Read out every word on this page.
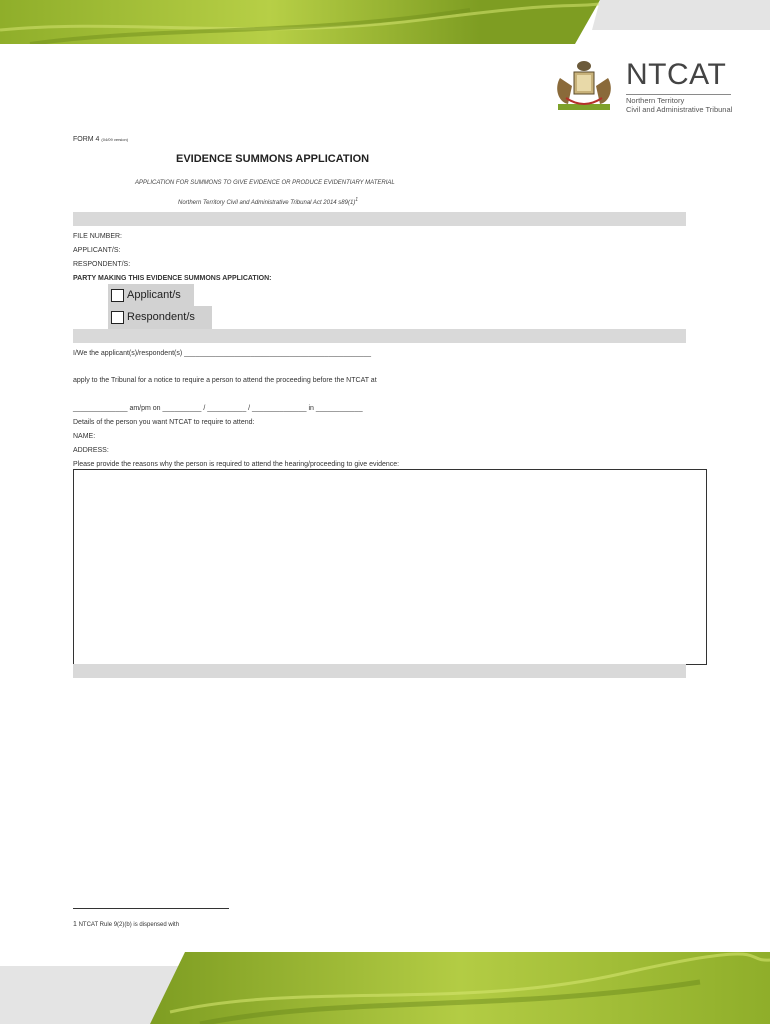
NTCAT
Northern Territory
Civil and Administrative Tribunal
FORM 4 (04/09 version)
EVIDENCE SUMMONS APPLICATION
APPLICATION FOR SUMMONS TO GIVE EVIDENCE OR PRODUCE EVIDENTIARY MATERIAL
Northern Territory Civil and Administrative Tribunal Act 2014 $s89(1)^1$
FILE NUMBER:
APPLICANT/S:
RESPONDENT/S:
PARTY MAKING THIS EVIDENCE SUMMONS APPLICATION:
Applicant/s
Respondent/s
I/We the applicant(s)/respondent(s) ________________________________________________
apply to the Tribunal for a notice to require a person to attend the proceeding before the NTCAT at
______________ am/pm on __________ / __________ / ______________ in ____________
Details of the person you want NTCAT to require to attend:
NAME:
ADDRESS:
Please provide the reasons why the person is required to attend the hearing/proceeding to give evidence:
1 NTCAT Rule 9(2)(b) is dispensed with
